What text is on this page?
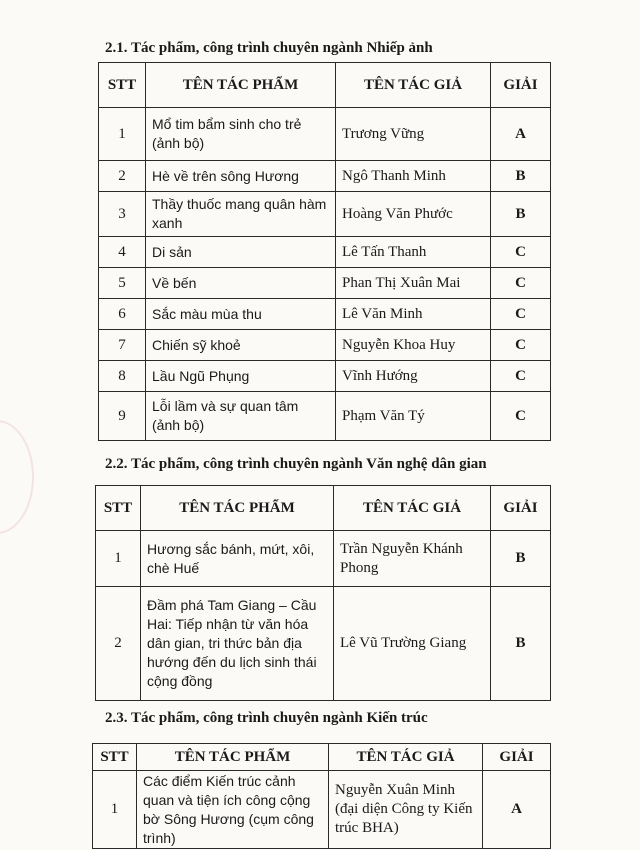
2.1. Tác phẩm, công trình chuyên ngành Nhiếp ảnh
STT	TÊN TÁC PHẨM	TÊN TÁC GIẢ	GIẢI
1	Mổ tim bẩm sinh cho trẻ (ảnh bộ)	Trương Vững	A
2	Hè về trên sông Hương	Ngô Thanh Minh	B
3	Thầy thuốc mang quân hàm xanh	Hoàng Văn Phước	B
4	Di sản	Lê Tấn Thanh	C
5	Về bến	Phan Thị Xuân Mai	C
6	Sắc màu mùa thu	Lê Văn Minh	C
7	Chiến sỹ khoẻ	Nguyễn Khoa Huy	C
8	Lầu Ngũ Phụng	Vĩnh Hướng	C
9	Lỗi lầm và sự quan tâm (ảnh bộ)	Phạm Văn Tý	C
2.2. Tác phẩm, công trình chuyên ngành Văn nghệ dân gian
STT	TÊN TÁC PHẨM	TÊN TÁC GIẢ	GIẢI
1	Hương sắc bánh, mứt, xôi, chè Huế	Trần Nguyễn Khánh Phong	B
2	Đầm phá Tam Giang – Cầu Hai: Tiếp nhận từ văn hóa dân gian, tri thức bản địa hướng đến du lịch sinh thái cộng đồng	Lê Vũ Trường Giang	B
2.3. Tác phẩm, công trình chuyên ngành Kiến trúc
STT	TÊN TÁC PHẨM	TÊN TÁC GIẢ	GIẢI
1	Các điểm Kiến trúc cảnh quan và tiện ích công cộng bờ Sông Hương (cụm công trình)	Nguyễn Xuân Minh (đại diện Công ty Kiến trúc BHA)	A
